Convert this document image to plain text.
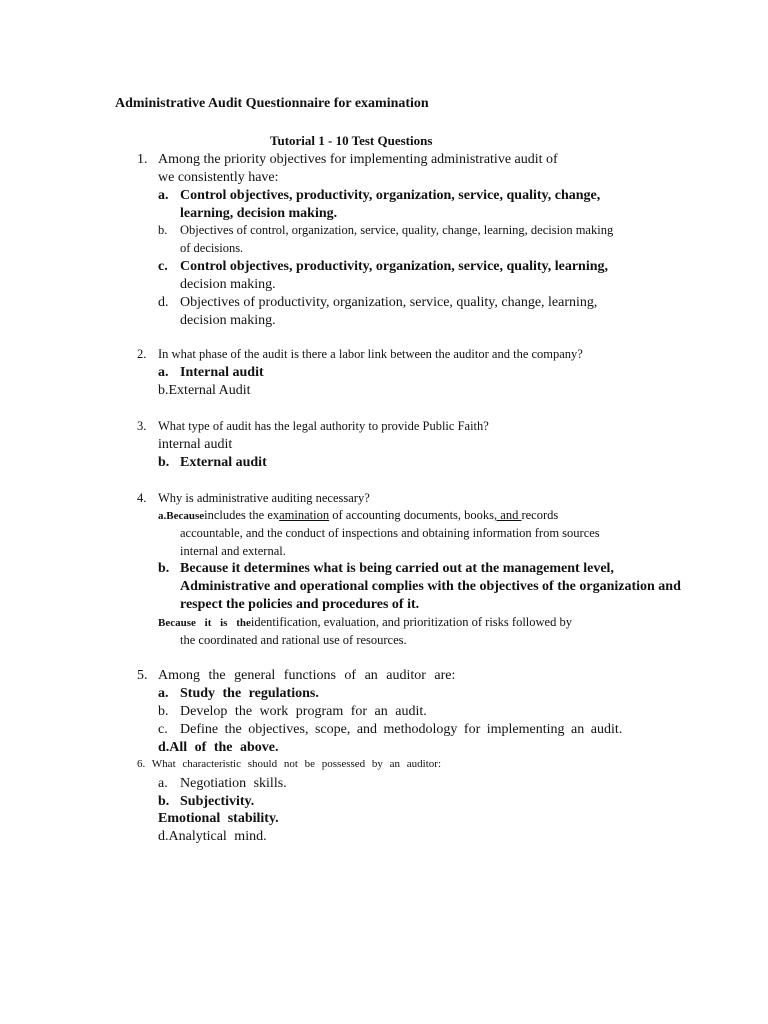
Administrative Audit Questionnaire for examination
Tutorial 1 - 10 Test Questions
1. Among the priority objectives for implementing administrative audit of
we consistently have:
a. Control objectives, productivity, organization, service, quality, change,
learning, decision making.
b. Objectives of control, organization, service, quality, change, learning, decision making
of decisions.
c. Control objectives, productivity, organization, service, quality, learning,
decision making.
d. Objectives of productivity, organization, service, quality, change, learning,
decision making.
2. In what phase of the audit is there a labor link between the auditor and the company?
a. Internal audit
b.External Audit
3. What type of audit has the legal authority to provide Public Faith?
internal audit
b. External audit
4. Why is administrative auditing necessary?
a.Becauseincludes the examination of accounting documents, books, and records
accountable, and the conduct of inspections and obtaining information from sources
internal and external.
b. Because it determines what is being carried out at the management level,
Administrative and operational complies with the objectives of the organization and
respect the policies and procedures of it.
Because it is theidentification, evaluation, and prioritization of risks followed by
the coordinated and rational use of resources.
5. Among the general functions of an auditor are:
a. Study the regulations.
b. Develop the work program for an audit.
c. Define the objectives, scope, and methodology for implementing an audit.
d.All of the above.
6. What characteristic should not be possessed by an auditor:
a. Negotiation skills.
b. Subjectivity.
Emotional stability.
d.Analytical mind.
